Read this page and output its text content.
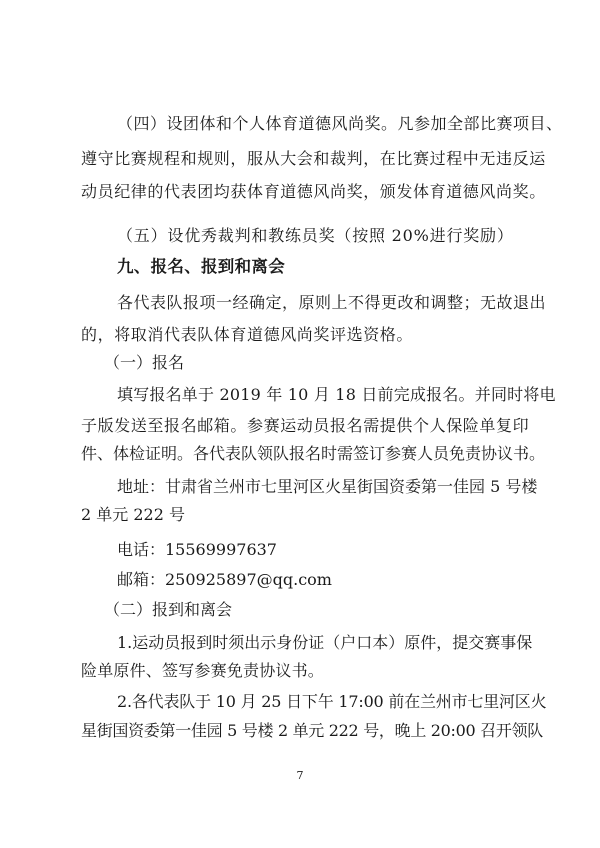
（四）设团体和个人体育道德风尚奖。凡参加全部比赛项目、
遵守比赛规程和规则，服从大会和裁判，在比赛过程中无违反运
动员纪律的代表团均获体育道德风尚奖，颁发体育道德风尚奖。
（五）设优秀裁判和教练员奖（按照 20%进行奖励）
九、报名、报到和离会
各代表队报项一经确定，原则上不得更改和调整；无故退出
的，将取消代表队体育道德风尚奖评选资格。
（一）报名
填写报名单于 2019 年 10 月 18 日前完成报名。并同时将电
子版发送至报名邮箱。参赛运动员报名需提供个人保险单复印
件、体检证明。各代表队领队报名时需签订参赛人员免责协议书。
地址：甘肃省兰州市七里河区火星街国资委第一佳园 5 号楼
2 单元 222 号
电话：15569997637
邮箱：250925897@qq.com
（二）报到和离会
1.运动员报到时须出示身份证（户口本）原件，提交赛事保
险单原件、签写参赛免责协议书。
2.各代表队于 10 月 25 日下午 17:00 前在兰州市七里河区火
星街国资委第一佳园 5 号楼 2 单元 222 号，晚上 20:00 召开领队
7
